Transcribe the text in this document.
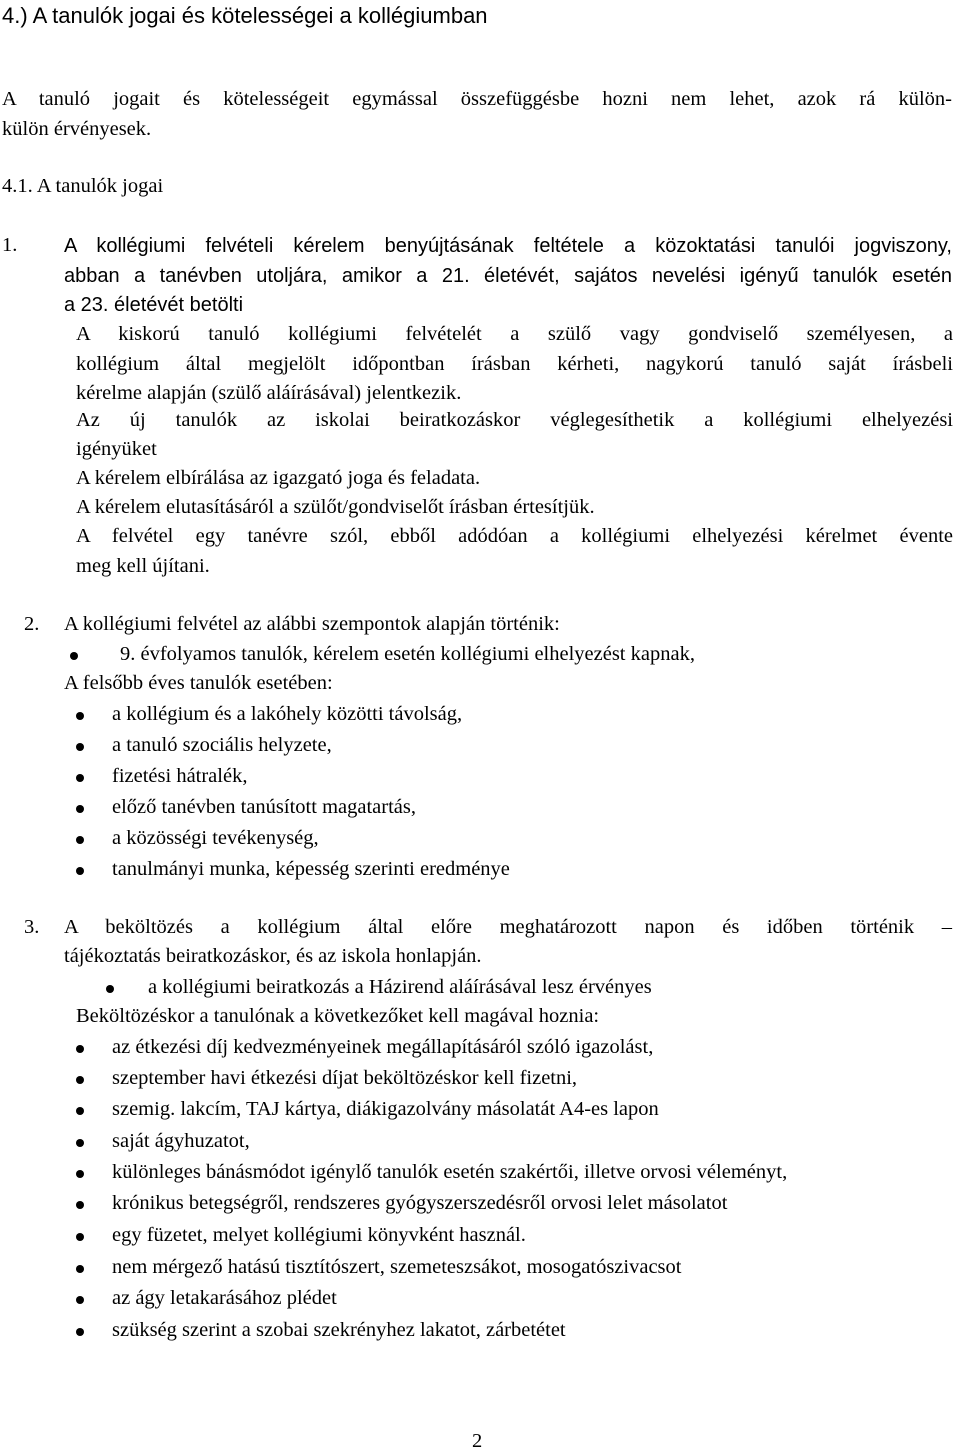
4.) A tanulók jogai és kötelességei a kollégiumban
A tanuló jogait és kötelességeit egymással összefüggésbe hozni nem lehet, azok rá külön-
külön érvényesek.
4.1. A tanulók jogai
1. A kollégiumi felvételi kérelem benyújtásának feltétele a közoktatási tanulói jogviszony,
abban a tanévben utoljára, amikor a 21. életévét, sajátos nevelési igényű tanulók esetén
a 23. életévét betölti
A kiskorú tanuló kollégiumi felvételét a szülő vagy gondviselő személyesen, a
kollégium által megjelölt időpontban írásban kérheti, nagykorú tanuló saját írásbeli
kérelme alapján (szülő aláírásával) jelentkezik.
Az új tanulók az iskolai beiratkozáskor véglegesíthetik a kollégiumi elhelyezési
igényüket
A kérelem elbírálása az igazgató joga és feladata.
A kérelem elutasításáról a szülőt/gondviselőt írásban értesítjük.
A felvétel egy tanévre szól, ebből adódóan a kollégiumi elhelyezési kérelmet évente
meg kell újítani.
2. A kollégiumi felvétel az alábbi szempontok alapján történik:
9. évfolyamos tanulók, kérelem esetén kollégiumi elhelyezést kapnak,
A felsőbb éves tanulók esetében:
a kollégium és a lakóhely közötti távolság,
a tanuló szociális helyzete,
fizetési hátralék,
előző tanévben tanúsított magatartás,
a közösségi tevékenység,
tanulmányi munka, képesség szerinti eredménye
3. A beköltözés a kollégium által előre meghatározott napon és időben történik –
tájékoztatás beiratkozáskor, és az iskola honlapján.
a kollégiumi beiratkozás a Házirend aláírásával lesz érvényes
Beköltözéskor a tanulónak a következőket kell magával hoznia:
az étkezési díj kedvezményeinek megállapításáról szóló igazolást,
szeptember havi étkezési díjat beköltözéskor kell fizetni,
szemig. lakcím, TAJ kártya, diákigazolvány másolatát A4-es lapon
saját ágyhuzatot,
különleges bánásmódot igénylő tanulók esetén szakértői, illetve orvosi véleményt,
krónikus betegségről, rendszeres gyógyszerszedésről orvosi lelet másolatot
egy füzetet, melyet kollégiumi könyvként használ.
nem mérgező hatású tisztítószert, szemeteszsákot, mosogatószivacsot
az ágy letakarásához plédet
szükség szerint a szobai szekrényhez lakatot, zárbetétet
2
